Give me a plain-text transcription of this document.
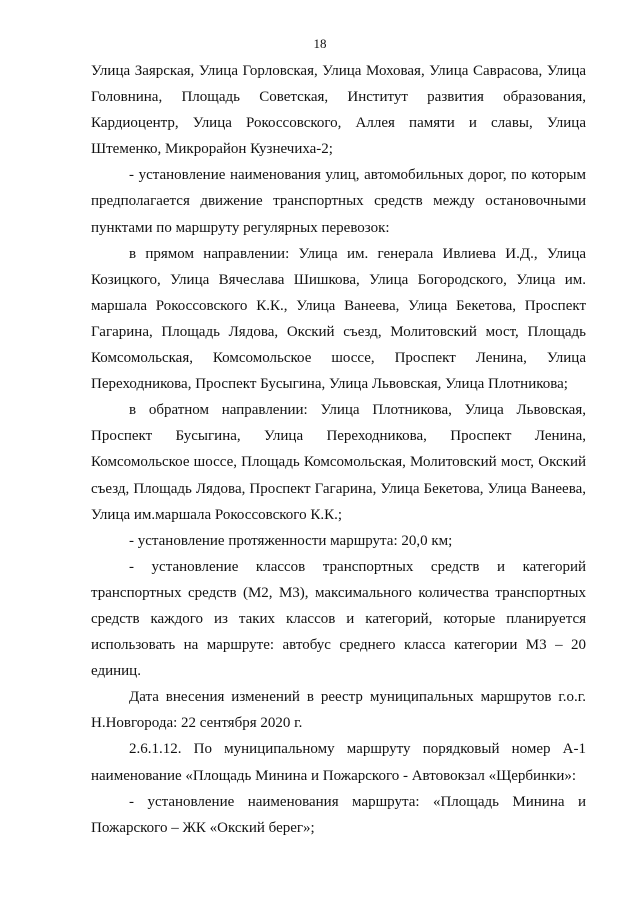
18

Улица Заярская, Улица Горловская, Улица Моховая, Улица Саврасова, Улица Головнина, Площадь Советская, Институт развития образования, Кардиоцентр, Улица Рокоссовского, Аллея памяти и славы, Улица Штеменко, Микрорайон Кузнечиха-2;

- установление наименования улиц, автомобильных дорог, по которым предполагается движение транспортных средств между остановочными пунктами по маршруту регулярных перевозок:

в прямом направлении: Улица им. генерала Ивлиева И.Д., Улица Козицкого, Улица Вячеслава Шишкова, Улица Богородского, Улица им. маршала Рокоссовского К.К., Улица Ванеева, Улица Бекетова, Проспект Гагарина, Площадь Лядова, Окский съезд, Молитовский мост, Площадь Комсомольская, Комсомольское шоссе, Проспект Ленина, Улица Переходникова, Проспект Бусыгина, Улица Львовская, Улица Плотникова;

в обратном направлении: Улица Плотникова, Улица Львовская, Проспект Бусыгина, Улица Переходникова, Проспект Ленина, Комсомольское шоссе, Площадь Комсомольская, Молитовский мост, Окский съезд, Площадь Лядова, Проспект Гагарина, Улица Бекетова, Улица Ванеева, Улица им.маршала Рокоссовского К.К.;

- установление протяженности маршрута: 20,0 км;

- установление классов транспортных средств и категорий транспортных средств (М2, М3), максимального количества транспортных средств каждого из таких классов и категорий, которые планируется использовать на маршруте: автобус среднего класса категории М3 – 20 единиц.

Дата внесения изменений в реестр муниципальных маршрутов г.о.г. Н.Новгорода: 22 сентября 2020 г.

2.6.1.12. По муниципальному маршруту порядковый номер А-1 наименование «Площадь Минина и Пожарского - Автовокзал «Щербинки»:

- установление наименования маршрута: «Площадь Минина и Пожарского – ЖК «Окский берег»;
